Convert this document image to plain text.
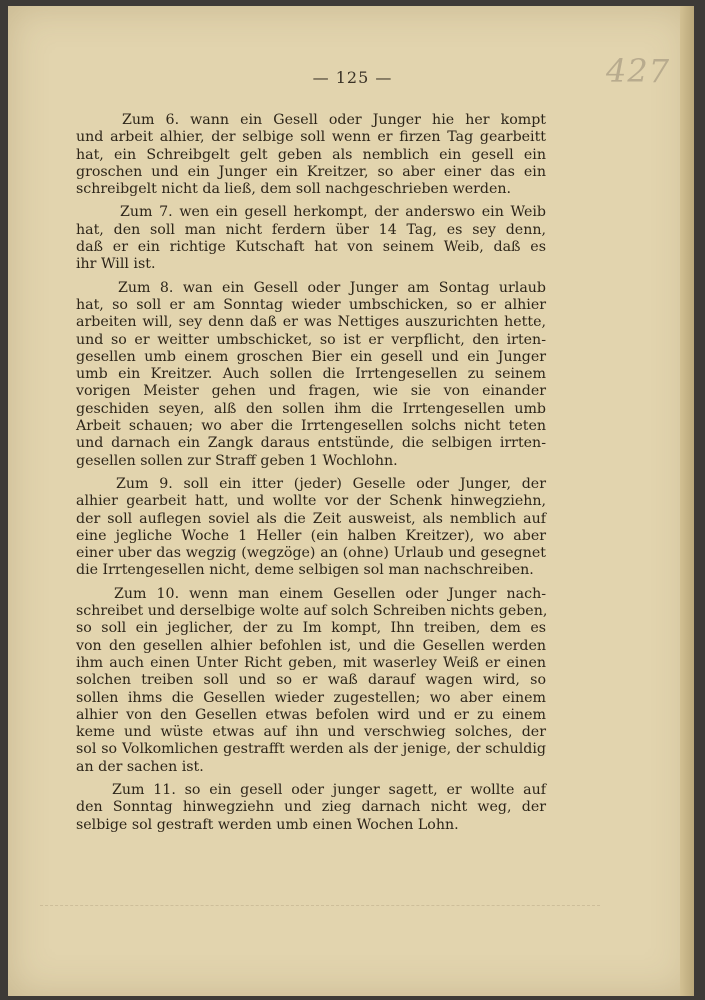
— 125 —	427
Zum 6. wann ein Gesell oder Junger hie her kompt
und arbeit alhier, der selbige soll wenn er firzen Tag gearbeitt
hat, ein Schreibgelt gelt geben als nemblich ein gesell ein
groschen und ein Junger ein Kreitzer, so aber einer das ein
schreibgelt nicht da ließ, dem soll nachgeschrieben werden.
Zum 7. wen ein gesell herkompt, der anderswo ein Weib
hat, den soll man nicht ferdern über 14 Tag, es sey denn,
daß er ein richtige Kutschaft hat von seinem Weib, daß es
ihr Will ist.
Zum 8. wan ein Gesell oder Junger am Sontag urlaub
hat, so soll er am Sonntag wieder umbschicken, so er alhier
arbeiten will, sey denn daß er was Nettiges auszurichten hette,
und so er weitter umbschicket, so ist er verpflicht, den irten-
gesellen umb einem groschen Bier ein gesell und ein Junger
umb ein Kreitzer. Auch sollen die Irrtengesellen zu seinem
vorigen Meister gehen und fragen, wie sie von einander
geschiden seyen, alß den sollen ihm die Irrtengesellen umb
Arbeit schauen; wo aber die Irrtengesellen solchs nicht teten
und darnach ein Zangk daraus entstünde, die selbigen irrten-
gesellen sollen zur Straff geben 1 Wochlohn.
Zum 9. soll ein itter (jeder) Geselle oder Junger, der
alhier gearbeit hatt, und wollte vor der Schenk hinwegziehn,
der soll auflegen soviel als die Zeit ausweist, als nemblich auf
eine jegliche Woche 1 Heller (ein halben Kreitzer), wo aber
einer uber das wegzig (wegzöge) an (ohne) Urlaub und gesegnet
die Irrtengesellen nicht, deme selbigen sol man nachschreiben.
Zum 10. wenn man einem Gesellen oder Junger nach-
schreibet und derselbige wolte auf solch Schreiben nichts geben,
so soll ein jeglicher, der zu Im kompt, Ihn treiben, dem es
von den gesellen alhier befohlen ist, und die Gesellen werden
ihm auch einen Unter Richt geben, mit waserley Weiß er einen
solchen treiben soll und so er waß darauf wagen wird, so
sollen ihms die Gesellen wieder zugestellen; wo aber einem
alhier von den Gesellen etwas befolen wird und er zu einem
keme und wüste etwas auf ihn und verschwieg solches, der
sol so Volkomlichen gestrafft werden als der jenige, der schuldig
an der sachen ist.
Zum 11. so ein gesell oder junger sagett, er wollte auf
den Sonntag hinwegziehn und zieg darnach nicht weg, der
selbige sol gestraft werden umb einen Wochen Lohn.
